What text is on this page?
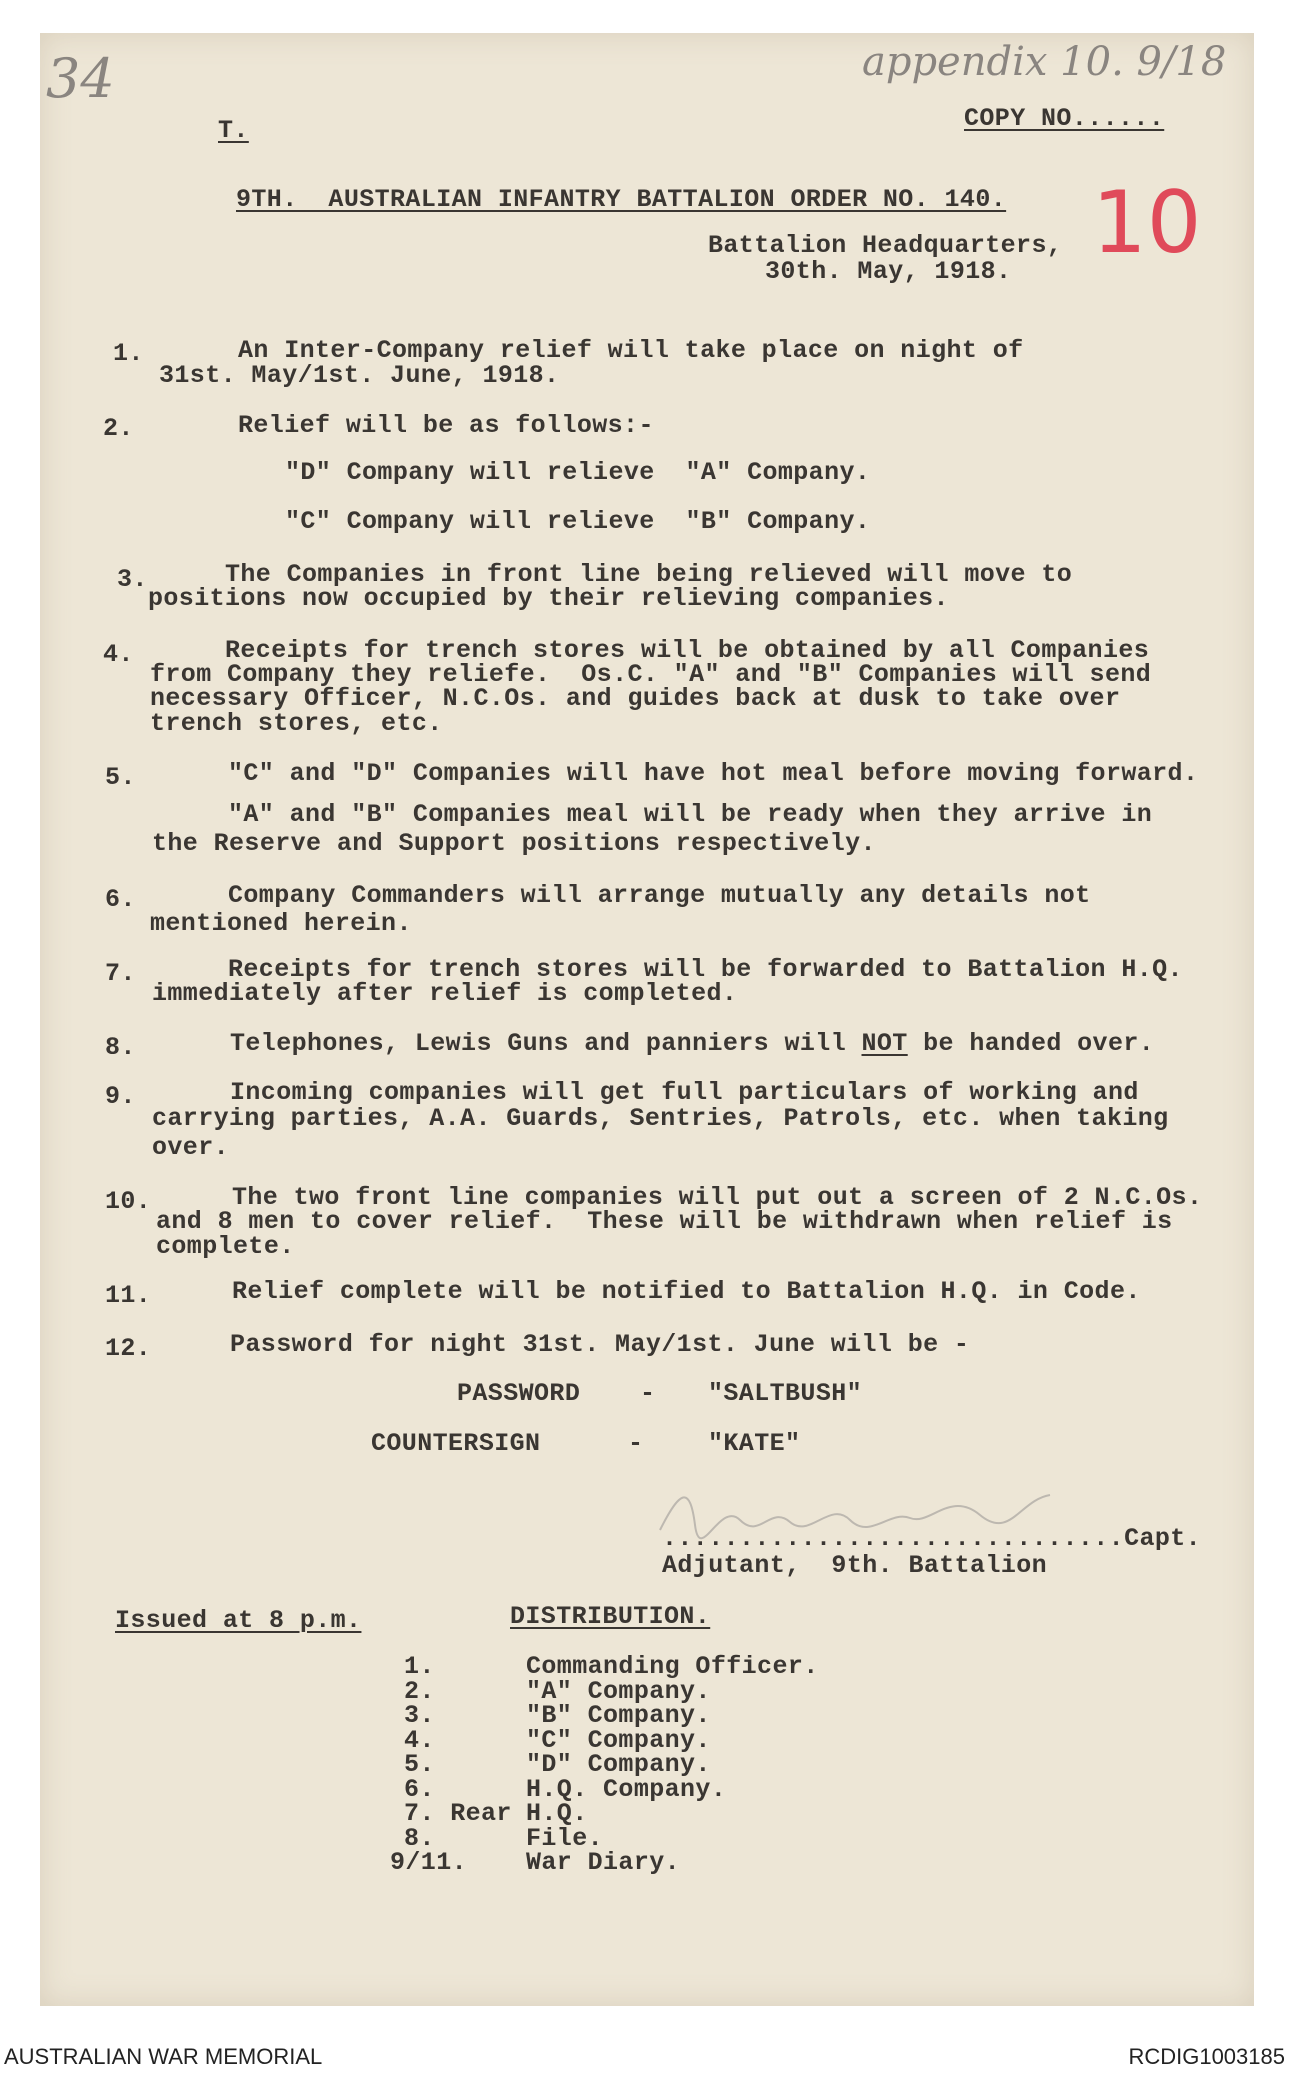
34	appendix 10. 9/18
10
T.	COPY NO......
9TH.  AUSTRALIAN INFANTRY BATTALION ORDER NO. 140.
Battalion Headquarters,
30th. May, 1918.
1.	An Inter-Company relief will take place on night of
31st. May/1st. June, 1918.
2.	Relief will be as follows:-
"D" Company will relieve  "A" Company.
"C" Company will relieve  "B" Company.
3.	The Companies in front line being relieved will move to
positions now occupied by their relieving companies.
4.	Receipts for trench stores will be obtained by all Companies
from Company they reliefe.  Os.C. "A" and "B" Companies will send
necessary Officer, N.C.Os. and guides back at dusk to take over
trench stores, etc.
5.	"C" and "D" Companies will have hot meal before moving forward.
"A" and "B" Companies meal will be ready when they arrive in
the Reserve and Support positions respectively.
6.	Company Commanders will arrange mutually any details not
mentioned herein.
7.	Receipts for trench stores will be forwarded to Battalion H.Q.
immediately after relief is completed.
8.	Telephones, Lewis Guns and panniers will NOT be handed over.
9.	Incoming companies will get full particulars of working and
carrying parties, A.A. Guards, Sentries, Patrols, etc. when taking
over.
10.	The two front line companies will put out a screen of 2 N.C.Os.
and 8 men to cover relief.  These will be withdrawn when relief is
complete.
11.	Relief complete will be notified to Battalion H.Q. in Code.
12.	Password for night 31st. May/1st. June will be -
PASSWORD - "SALTBUSH"
COUNTERSIGN	-	"KATE"
..............................Capt.
Adjutant,  9th. Battalion
Issued at 8 p.m.	DISTRIBUTION.
1.	Commanding Officer.
2.	"A" Company.
3.	"B" Company.
4.	"C" Company.
5.	"D" Company.
6.	H.Q. Company.
7. Rear H.Q.
8.	File.
9/11. War Diary.
AUSTRALIAN WAR MEMORIAL	RCDIG1003185
